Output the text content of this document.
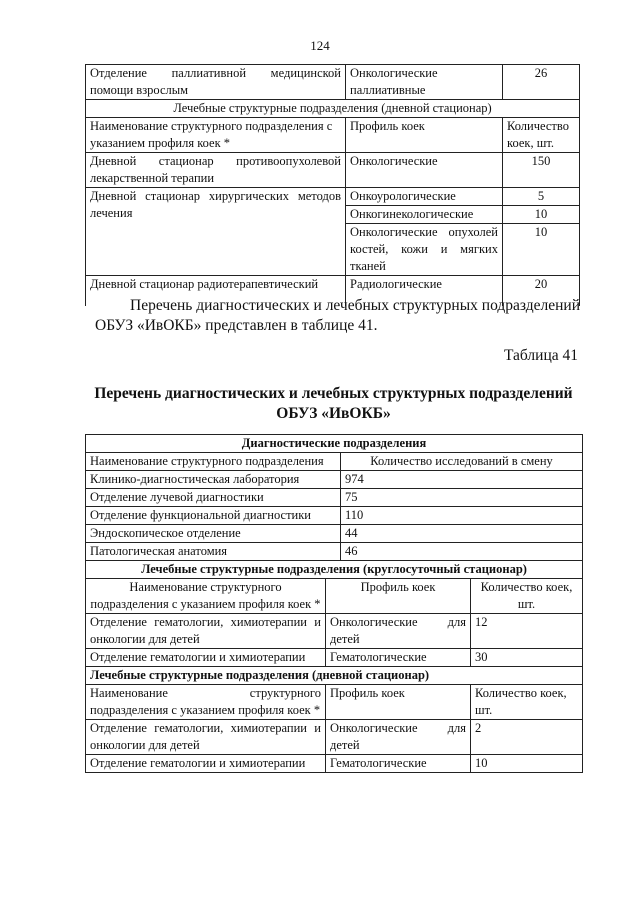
124
Отделение паллиативной медицинской помощи взрослым	Онкологические паллиативные	26
Лечебные структурные подразделения (дневной стационар)		
Наименование структурного подразделения с указанием профиля коек *	Профиль коек	Количество коек, шт.
Дневной стационар противоопухолевой лекарственной терапии	Онкологические	150
Дневной стационар хирургических методов лечения	Онкоурологические	5
	Онкогинекологические	10
	Онкологические опухолей костей, кожи и мягких тканей	10
Дневной стационар радиотерапевтический	Радиологические	20
Перечень диагностических и лечебных структурных подразделений ОБУЗ «ИвОКБ» представлен в таблице 41.
Таблица 41
Перечень диагностических и лечебных структурных подразделений ОБУЗ «ИвОКБ»
Диагностические подразделения			
Наименование структурного подразделения		Количество исследований в смену	
Клинико-диагностическая лаборатория		974	
Отделение лучевой диагностики		75	
Отделение функциональной диагностики		110	
Эндоскопическое отделение		44	
Патологическая анатомия		46	
Лечебные структурные подразделения (круглосуточный стационар)			
Наименование структурного подразделения с указанием профиля коек *	Профиль коек		Количество коек, шт.
Отделение гематологии, химиотерапии и онкологии для детей	Онкологические для детей		12
Отделение гематологии и химиотерапии	Гематологические		30
Лечебные структурные подразделения (дневной стационар)			
Наименование структурного подразделения с указанием профиля коек *	Профиль коек		Количество коек, шт.
Отделение гематологии, химиотерапии и онкологии для детей	Онкологические для детей		2
Отделение гематологии и химиотерапии	Гематологические		10
